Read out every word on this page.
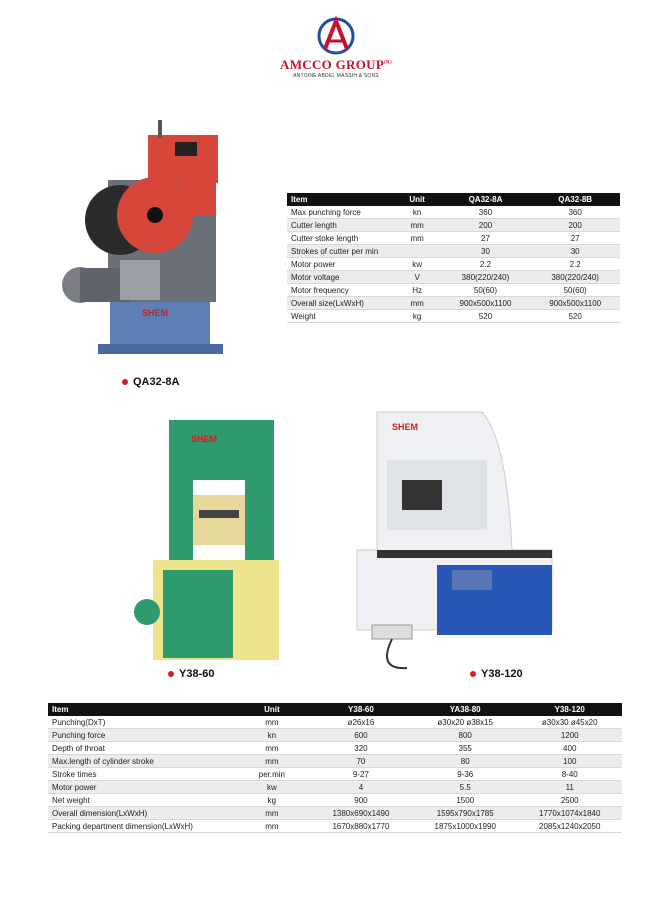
AMCCO $GROUP^{(R)}$
ANTOINE ABDEL MASSIH & SONS
SHEM
QA32-8A
Item	Unit	QA32-8A	QA32-8B
Max punching force	kn	360	360
Cutter length	mm	200	200
Cutter stoke length	mm	27	27
Strokes of cutter per min		30	30
Motor power	kw	2.2	2.2
Motor voltage	V	380(220/240)	380(220/240)
Motor frequency	Hz	50(60)	50(60)
Overall size(LxWxH)	mm	900x500x1100	900x500x1100
Weight	kg	520	520
SHEM
Y38-60
SHEM
Y38-120
Item	Unit	Y38-60	YA38-80	Y38-120
Punching(DxT)	mm	ø26x16	ø30x20 ø38x15	ø30x30 ø45x20
Punching force	kn	600	800	1200
Depth of throat	mm	320	355	400
Max.length of cylinder stroke	mm	70	80	100
Stroke times	per.min	9-27	9-36	8-40
Motor power	kw	4	5.5	11
Net weight	kg	900	1500	2500
Overall dimension(LxWxH)	mm	1380x690x1490	1595x790x1785	1770x1074x1840
Packing department dimension(LxWxH)	mm	1670x880x1770	1875x1000x1990	2085x1240x2050
